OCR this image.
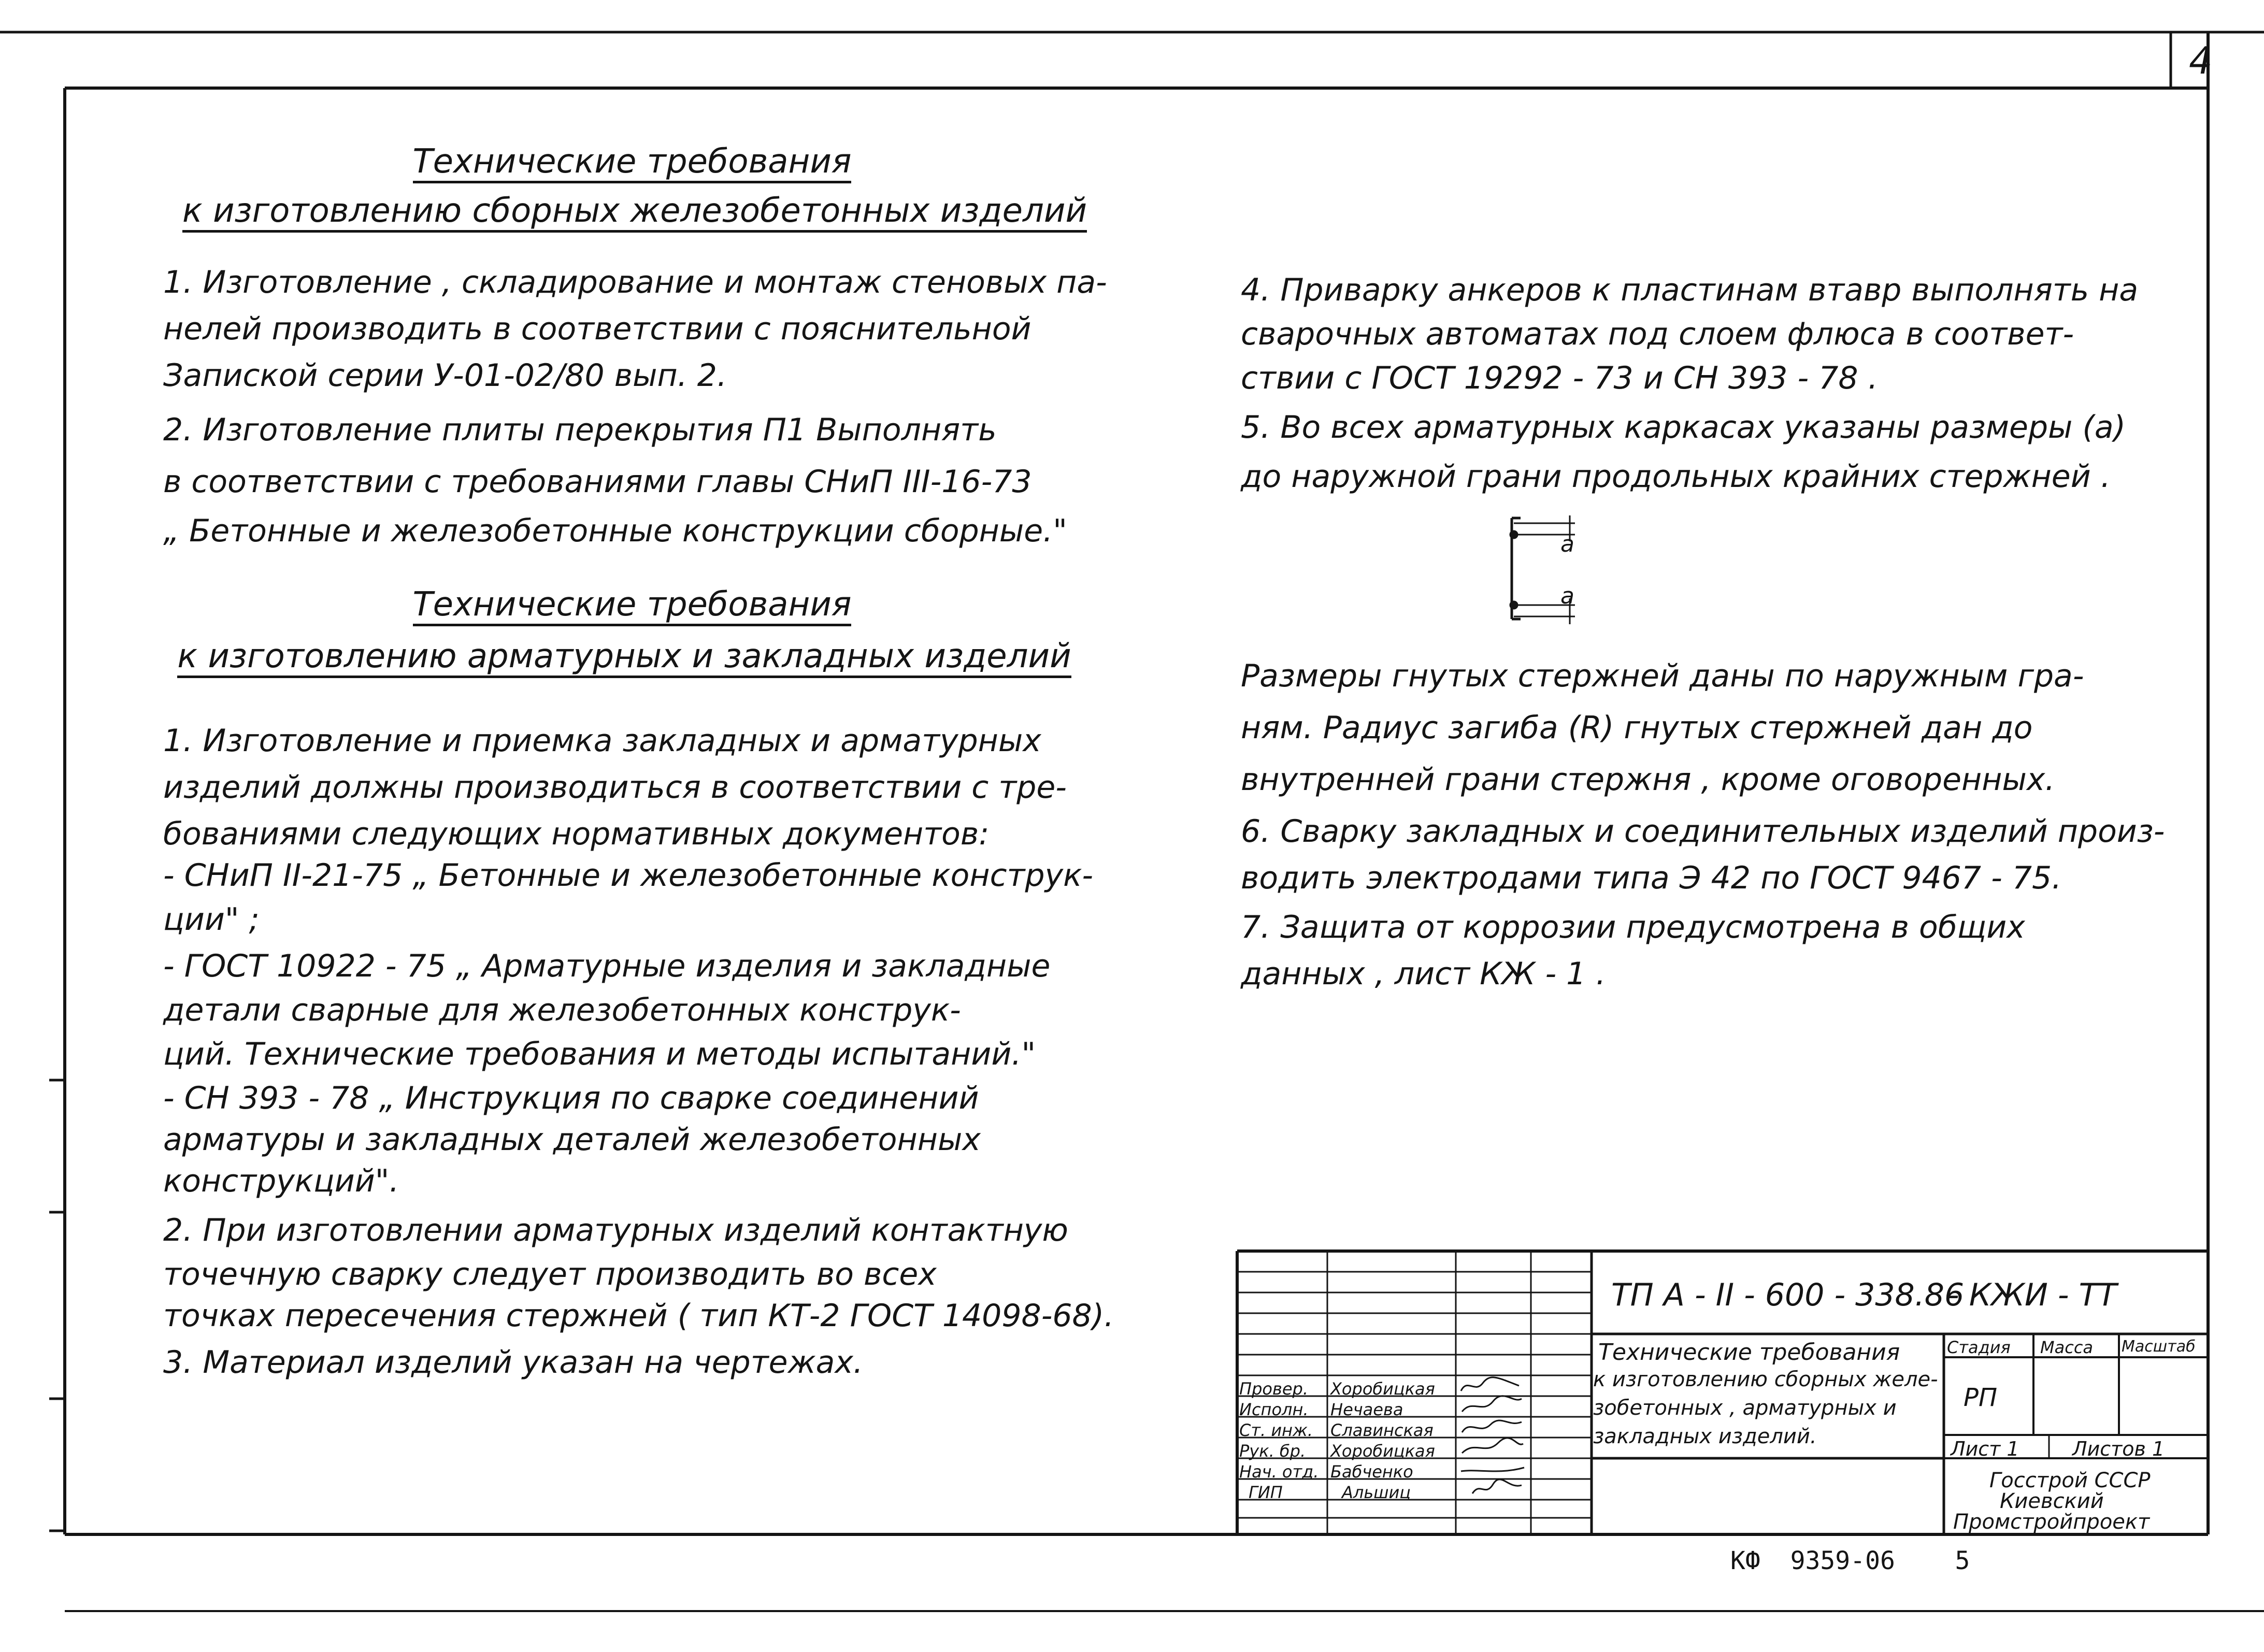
4
Технические требования
к изготовлению сборных железобетонных изделий
1. Изготовление , складирование и монтаж стеновых па-
нелей производить в соответствии с пояснительной
Запиской серии У-01-02/80 вып. 2.
2. Изготовление плиты перекрытия П1 Выполнять
в соответствии с требованиями главы СНиП ІІІ-16-73
„ Бетонные и железобетонные конструкции сборные."
Технические требования
к изготовлению арматурных и закладных изделий
1. Изготовление и приемка закладных и арматурных
изделий должны производиться в соответствии с тре-
бованиями следующих нормативных документов:
- СНиП ІІ-21-75 „ Бетонные и железобетонные конструк-
ции" ;
- ГОСТ 10922 - 75 „ Арматурные изделия и закладные
детали сварные для железобетонных конструк-
ций. Технические требования и методы испытаний."
- СН 393 - 78 „ Инструкция по сварке соединений
арматуры и закладных деталей железобетонных
конструкций".
2. При изготовлении арматурных изделий контактную
точечную сварку следует производить во всех
точках пересечения стержней ( тип КТ-2 ГОСТ 14098-68).
3. Материал изделий указан на чертежах.
4. Приварку анкеров к пластинам втавр выполнять на
сварочных автоматах под слоем флюса в соответ-
ствии с ГОСТ 19292 - 73 и СН 393 - 78 .
5. Во всех арматурных каркасах указаны размеры (а)
до наружной грани продольных крайних стержней .
a
a
Размеры гнутых стержней даны по наружным гра-
ням. Радиус загиба (R) гнутых стержней дан до
внутренней грани стержня , кроме оговоренных.
6. Сварку закладных и соединительных изделий произ-
водить электродами типа Э 42 по ГОСТ 9467 - 75.
7. Защита от коррозии предусмотрена в общих
данных , лист КЖ - 1 .
ТП А - ІІ - 600 - 338.86
- КЖИ - ТТ
Технические требования
к изготовлению сборных желе-
зобетонных , арматурных и
закладных изделий.
Стадия Масса Масштаб
РП
Лист 1	Листов 1
Госстрой СССР
Киевский
Промстройпроект
Провер.
Исполн.
Ст. инж.
Рук. бр.
Нач. отд.
ГИП
Хоробицкая
Нечаева
Славинская
Хоробицкая
Бабченко
Альшиц
КФ  9359-06    5
